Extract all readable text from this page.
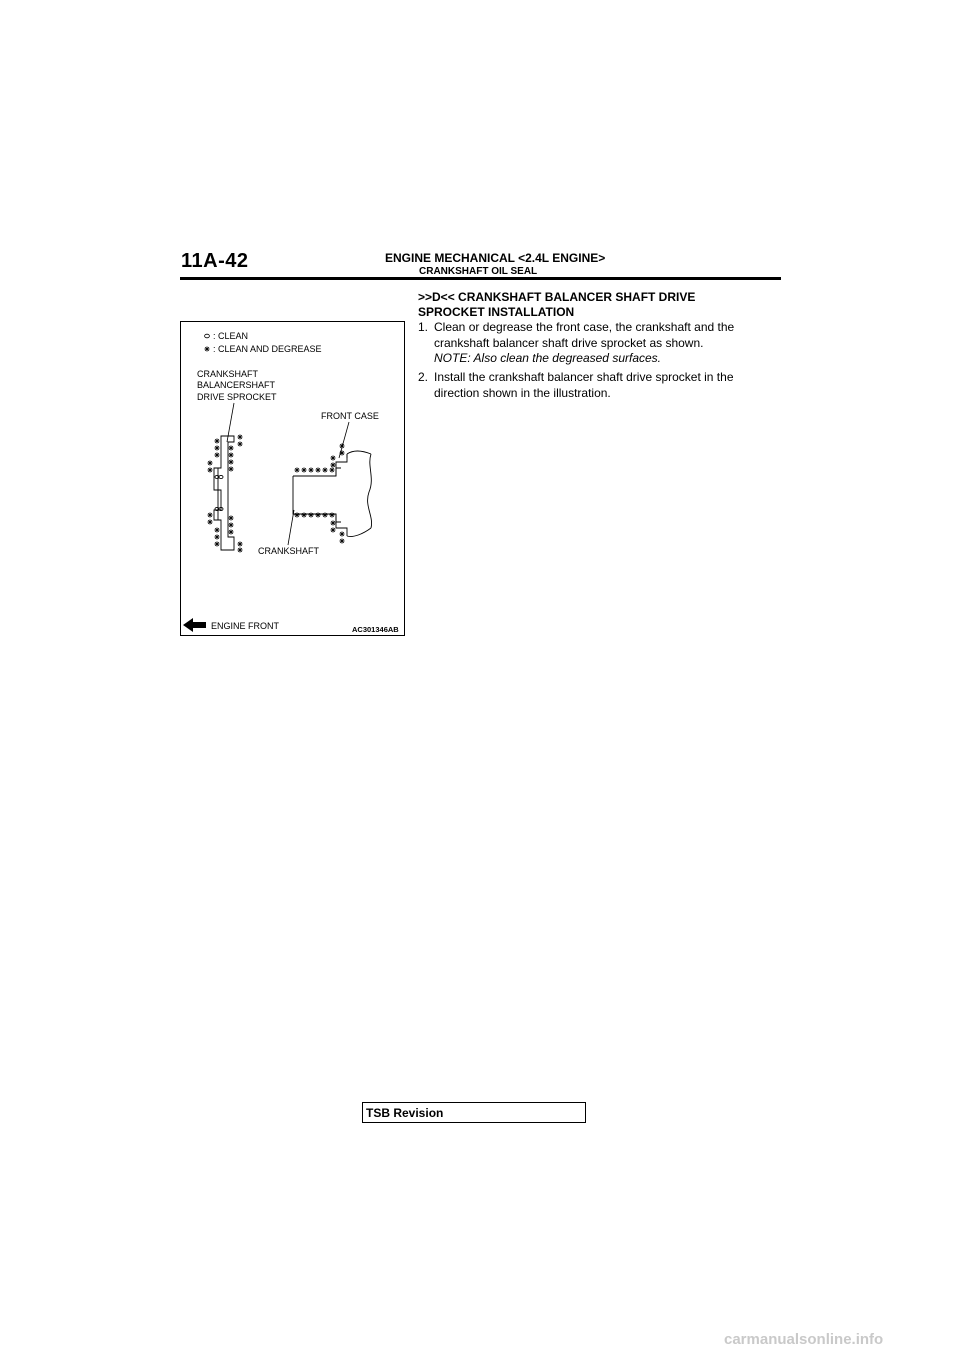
11A-42	ENGINE MECHANICAL <2.4L ENGINE>
CRANKSHAFT OIL SEAL
: CLEAN
: CLEAN AND DEGREASE
CRANKSHAFT
BALANCERSHAFT
DRIVE SPROCKET
FRONT CASE
CRANKSHAFT
ENGINE FRONT	AC301346AB
>>D<< CRANKSHAFT BALANCER SHAFT DRIVE
SPROCKET INSTALLATION
1. Clean or degrease the front case, the crankshaft and the crankshaft balancer shaft drive sprocket as shown.
NOTE: Also clean the degreased surfaces.
2. Install the crankshaft balancer shaft drive sprocket in the direction shown in the illustration.
TSB Revision
carmanualsonline.info
